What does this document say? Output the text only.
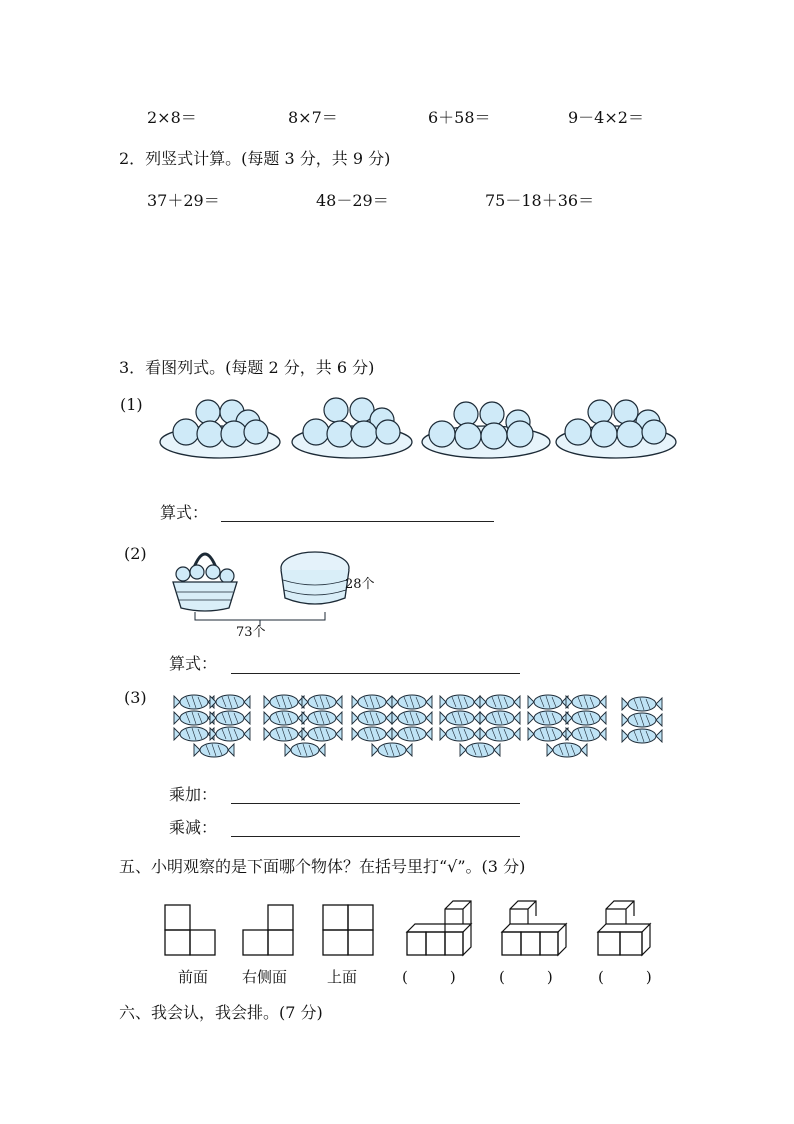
2×8＝	8×7＝	6＋58＝	9－4×2＝
2．列竖式计算。(每题 3 分，共 9 分)
37＋29＝	48－29＝	75－18＋36＝
3．看图列式。(每题 2 分，共 6 分)
(1)
算式：
(2)
28个
73个
算式：
(3)
乘加：
乘减：
五、小明观察的是下面哪个物体？在括号里打“√”。(3 分)
前面 右侧面	上面	(　　)	(　　)	(　　)
六、我会认，我会排。(7 分)
